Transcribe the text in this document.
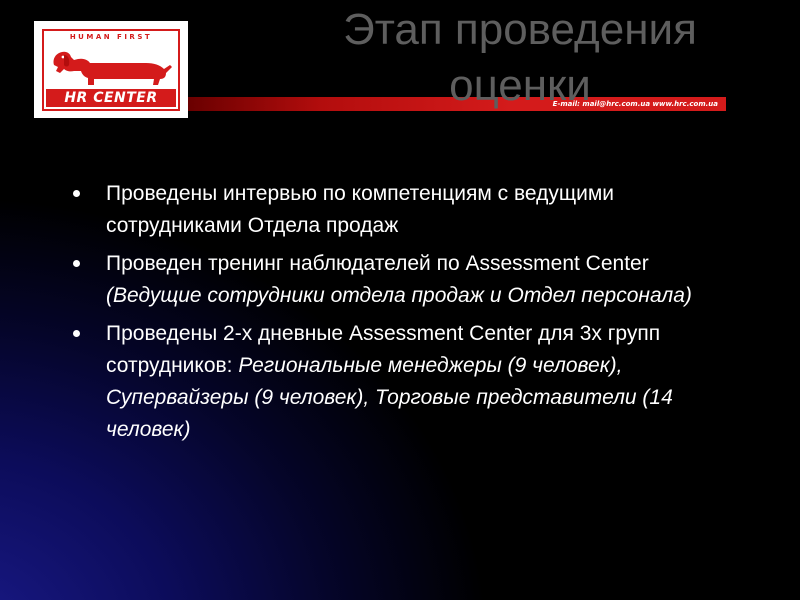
HUMAN FIRST
HR CENTER	E-mail: mail@hrc.com.ua www.hrc.com.ua
Этап проведения
оценки
Проведены интервью по компетенциям с ведущими сотрудниками Отдела продаж
Проведен тренинг наблюдателей по Assessment Center (Ведущие сотрудники отдела продаж и Отдел персонала)
Проведены 2-х дневные Assessment Center для 3х групп сотрудников: Региональные менеджеры (9 человек), Супервайзеры (9 человек), Торговые представители (14 человек)
